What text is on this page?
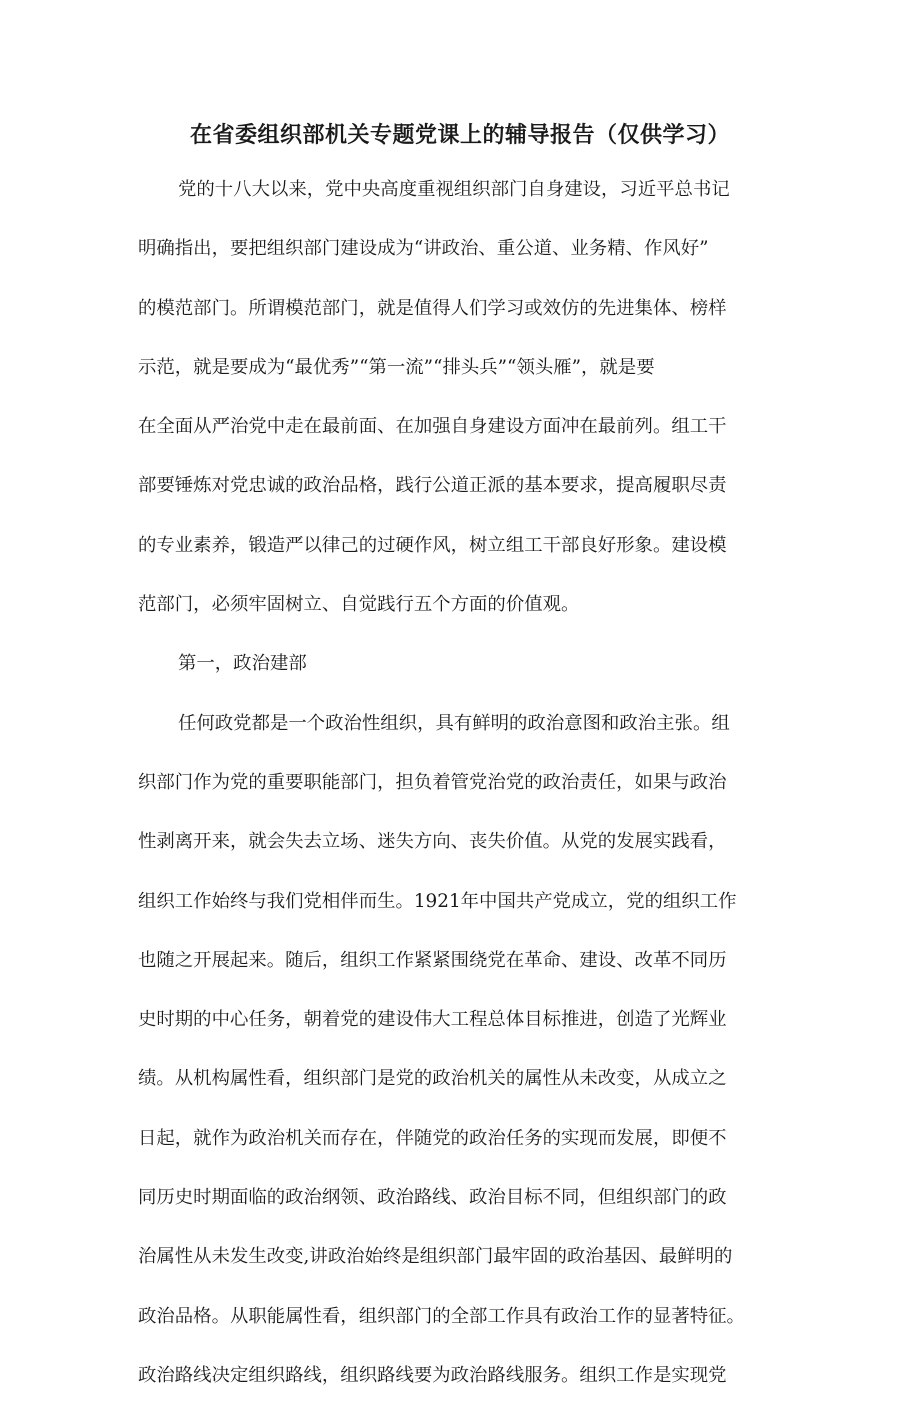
在省委组织部机关专题党课上的辅导报告（仅供学习）
党的十八大以来，党中央高度重视组织部门自身建设，习近平总书记
明确指出，要把组织部门建设成为“讲政治、重公道、业务精、作风好”
的模范部门。所谓模范部门，就是值得人们学习或效仿的先进集体、榜样
示范，就是要成为“最优秀”“第一流”“排头兵”“领头雁”，就是要
在全面从严治党中走在最前面、在加强自身建设方面冲在最前列。组工干
部要锤炼对党忠诚的政治品格，践行公道正派的基本要求，提高履职尽责
的专业素养，锻造严以律己的过硬作风，树立组工干部良好形象。建设模
范部门，必须牢固树立、自觉践行五个方面的价值观。
第一，政治建部
任何政党都是一个政治性组织，具有鲜明的政治意图和政治主张。组
织部门作为党的重要职能部门，担负着管党治党的政治责任，如果与政治
性剥离开来，就会失去立场、迷失方向、丧失价值。从党的发展实践看，
组织工作始终与我们党相伴而生。1921年中国共产党成立，党的组织工作
也随之开展起来。随后，组织工作紧紧围绕党在革命、建设、改革不同历
史时期的中心任务，朝着党的建设伟大工程总体目标推进，创造了光辉业
绩。从机构属性看，组织部门是党的政治机关的属性从未改变，从成立之
日起，就作为政治机关而存在，伴随党的政治任务的实现而发展，即便不
同历史时期面临的政治纲领、政治路线、政治目标不同，但组织部门的政
治属性从未发生改变,讲政治始终是组织部门最牢固的政治基因、最鲜明的
政治品格。从职能属性看，组织部门的全部工作具有政治工作的显著特征。
政治路线决定组织路线，组织路线要为政治路线服务。组织工作是实现党
